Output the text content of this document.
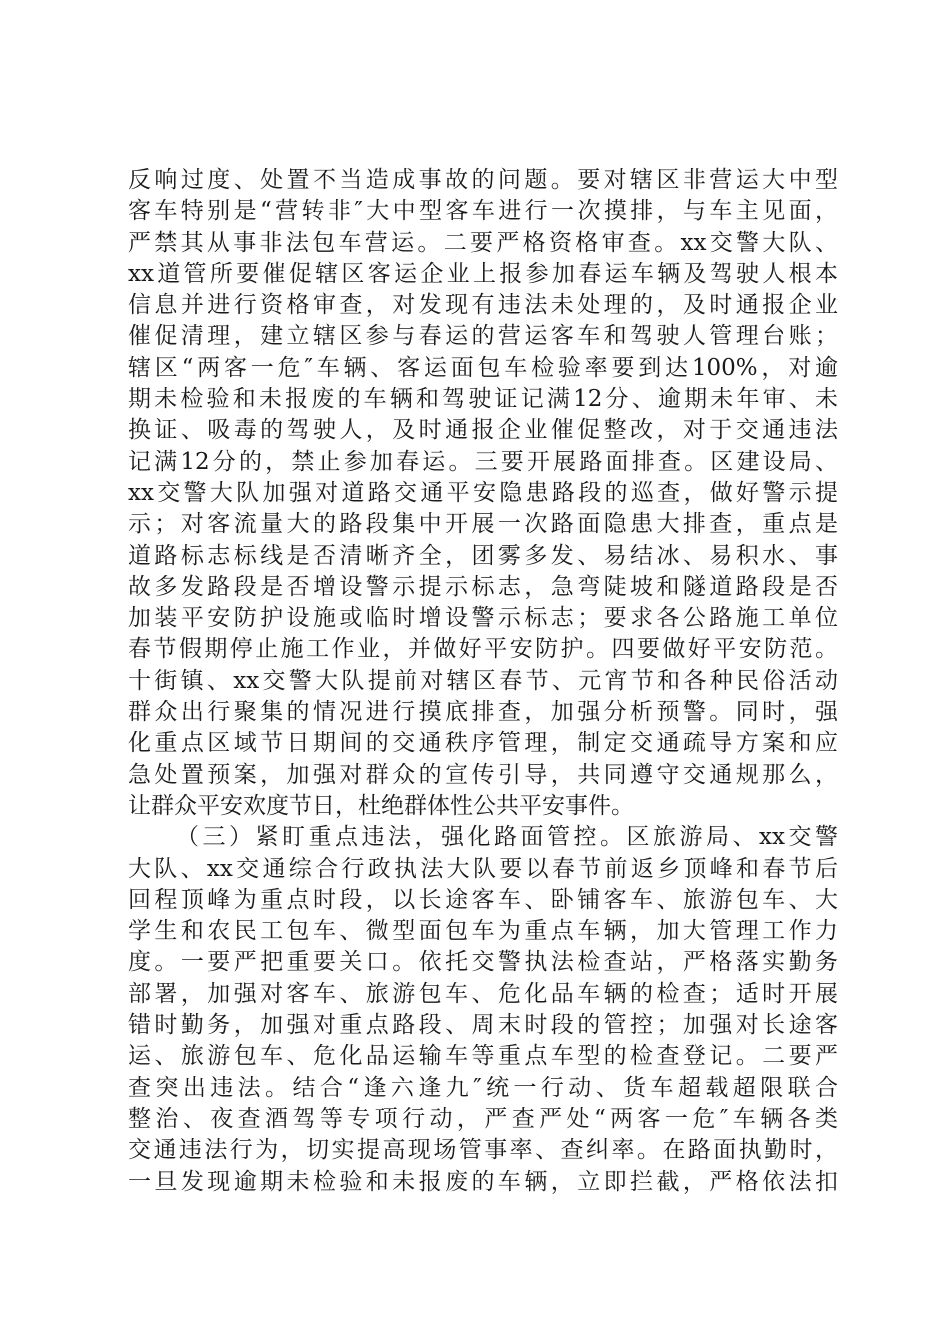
反响过度、处置不当造成事故的问题。要对辖区非营运大中型
客车特别是“营转非″大中型客车进行一次摸排，与车主见面，
严禁其从事非法包车营运。二要严格资格审查。xx交警大队、
xx道管所要催促辖区客运企业上报参加春运车辆及驾驶人根本
信息并进行资格审查，对发现有违法未处理的，及时通报企业
催促清理，建立辖区参与春运的营运客车和驾驶人管理台账；
辖区“两客一危″车辆、客运面包车检验率要到达100%，对逾
期未检验和未报废的车辆和驾驶证记满12分、逾期未年审、未
换证、吸毒的驾驶人，及时通报企业催促整改，对于交通违法
记满12分的，禁止参加春运。三要开展路面排查。区建设局、
xx交警大队加强对道路交通平安隐患路段的巡查，做好警示提
示；对客流量大的路段集中开展一次路面隐患大排查，重点是
道路标志标线是否清晰齐全，团雾多发、易结冰、易积水、事
故多发路段是否增设警示提示标志，急弯陡坡和隧道路段是否
加装平安防护设施或临时增设警示标志；要求各公路施工单位
春节假期停止施工作业，并做好平安防护。四要做好平安防范。
十街镇、xx交警大队提前对辖区春节、元宵节和各种民俗活动
群众出行聚集的情况进行摸底排查，加强分析预警。同时，强
化重点区域节日期间的交通秩序管理，制定交通疏导方案和应
急处置预案，加强对群众的宣传引导，共同遵守交通规那么，
让群众平安欢度节日，杜绝群体性公共平安事件。
（三）紧盯重点违法，强化路面管控。区旅游局、xx交警
大队、xx交通综合行政执法大队要以春节前返乡顶峰和春节后
回程顶峰为重点时段，以长途客车、卧铺客车、旅游包车、大
学生和农民工包车、微型面包车为重点车辆，加大管理工作力
度。一要严把重要关口。依托交警执法检查站，严格落实勤务
部署，加强对客车、旅游包车、危化品车辆的检查；适时开展
错时勤务，加强对重点路段、周末时段的管控；加强对长途客
运、旅游包车、危化品运输车等重点车型的检查登记。二要严
查突出违法。结合“逢六逢九″统一行动、货车超载超限联合
整治、夜查酒驾等专项行动，严查严处“两客一危″车辆各类
交通违法行为，切实提高现场管事率、查纠率。在路面执勤时，
一旦发现逾期未检验和未报废的车辆，立即拦截，严格依法扣
